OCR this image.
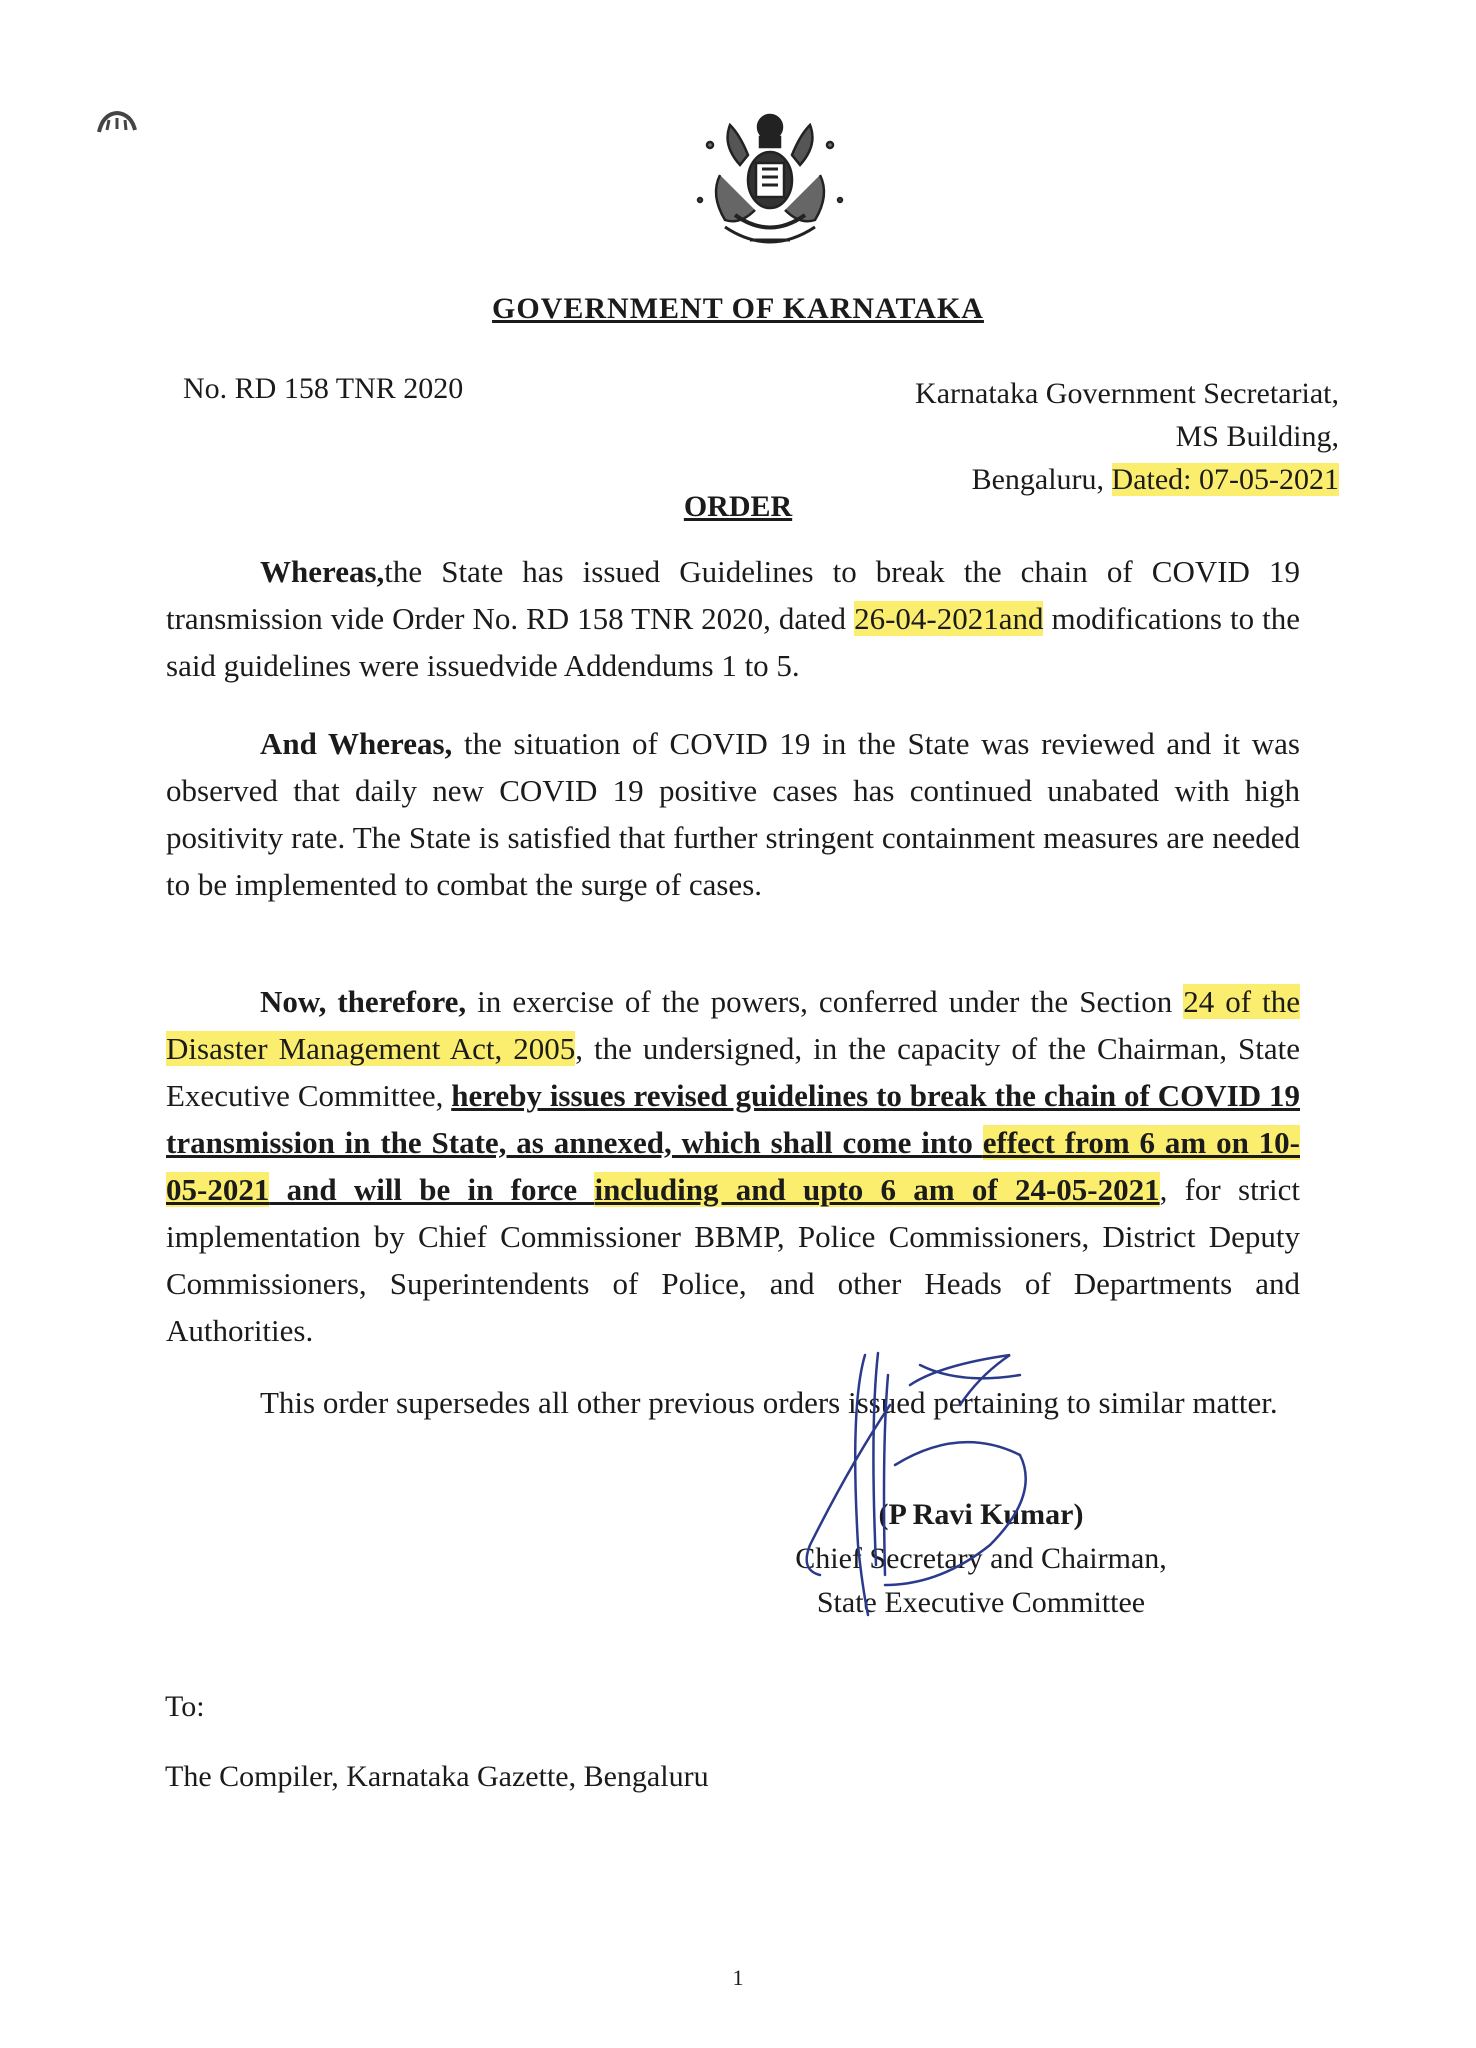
GOVERNMENT OF KARNATAKA
No. RD 158 TNR 2020	Karnataka Government Secretariat,
MS Building,
Bengaluru, Dated: 07-05-2021
ORDER
Whereas,the State has issued Guidelines to break the chain of COVID 19 transmission vide Order No. RD 158 TNR 2020, dated 26-04-2021and modifications to the said guidelines were issuedvide Addendums 1 to 5.
And Whereas, the situation of COVID 19 in the State was reviewed and it was observed that daily new COVID 19 positive cases has continued unabated with high positivity rate. The State is satisfied that further stringent containment measures are needed to be implemented to combat the surge of cases.
Now, therefore, in exercise of the powers, conferred under the Section 24 of the Disaster Management Act, 2005, the undersigned, in the capacity of the Chairman, State Executive Committee, hereby issues revised guidelines to break the chain of COVID 19 transmission in the State, as annexed, which shall come into effect from 6 am on 10-05-2021 and will be in force including and upto 6 am of 24-05-2021, for strict implementation by Chief Commissioner BBMP, Police Commissioners, District Deputy Commissioners, Superintendents of Police, and other Heads of Departments and Authorities.
This order supersedes all other previous orders issued pertaining to similar matter.
(P Ravi Kumar)
Chief Secretary and Chairman,
State Executive Committee
To:
The Compiler, Karnataka Gazette, Bengaluru
1
